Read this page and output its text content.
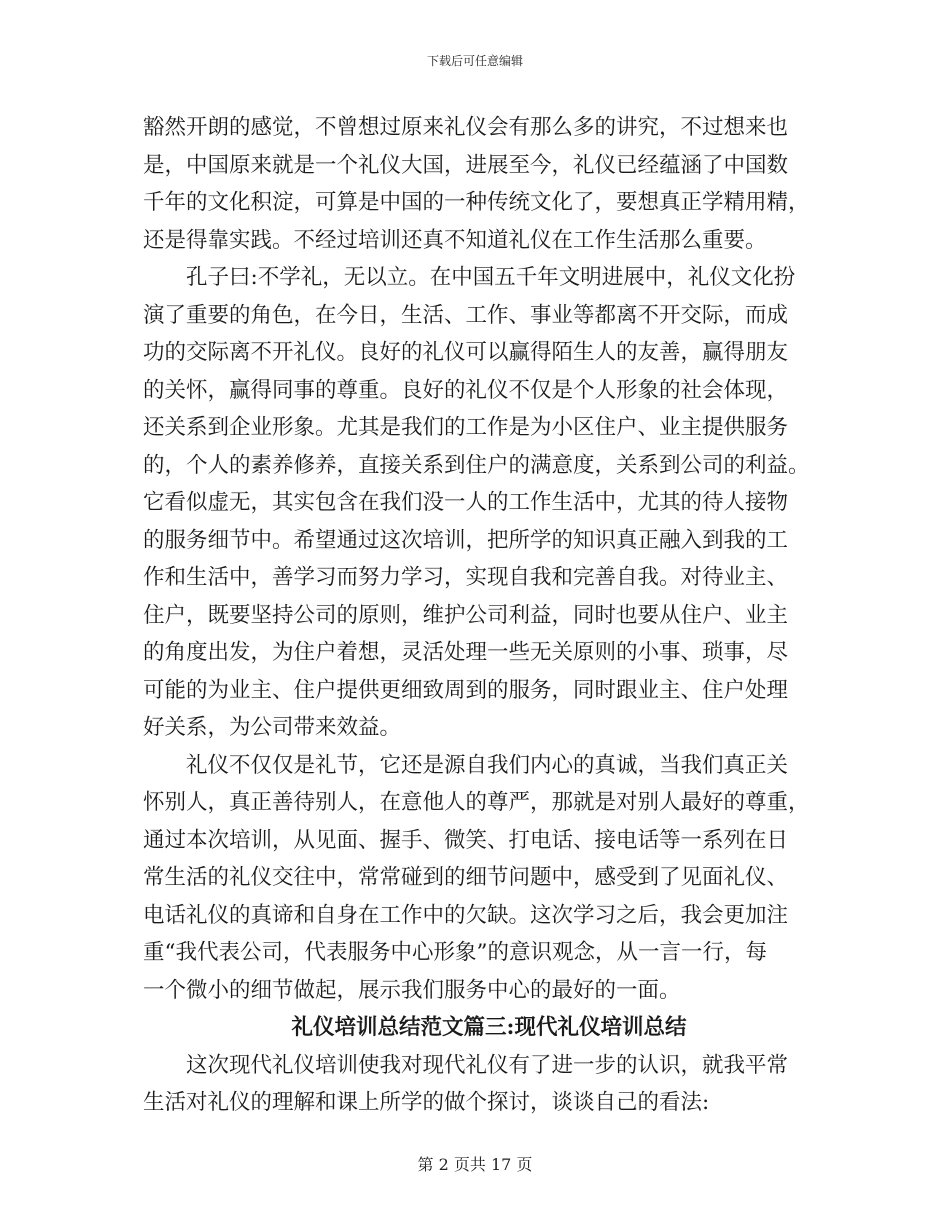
下载后可任意编辑
豁然开朗的感觉，不曾想过原来礼仪会有那么多的讲究，不过想来也
是，中国原来就是一个礼仪大国，进展至今，礼仪已经蕴涵了中国数
千年的文化积淀，可算是中国的一种传统文化了，要想真正学精用精，
还是得靠实践。不经过培训还真不知道礼仪在工作生活那么重要。
孔子曰:不学礼，无以立。在中国五千年文明进展中，礼仪文化扮
演了重要的角色，在今日，生活、工作、事业等都离不开交际，而成
功的交际离不开礼仪。良好的礼仪可以赢得陌生人的友善，赢得朋友
的关怀，赢得同事的尊重。良好的礼仪不仅是个人形象的社会体现，
还关系到企业形象。尤其是我们的工作是为小区住户、业主提供服务
的，个人的素养修养，直接关系到住户的满意度，关系到公司的利益。
它看似虚无，其实包含在我们没一人的工作生活中，尤其的待人接物
的服务细节中。希望通过这次培训，把所学的知识真正融入到我的工
作和生活中，善学习而努力学习，实现自我和完善自我。对待业主、
住户，既要坚持公司的原则，维护公司利益，同时也要从住户、业主
的角度出发，为住户着想，灵活处理一些无关原则的小事、琐事，尽
可能的为业主、住户提供更细致周到的服务，同时跟业主、住户处理
好关系，为公司带来效益。
礼仪不仅仅是礼节，它还是源自我们内心的真诚，当我们真正关
怀别人，真正善待别人，在意他人的尊严，那就是对别人最好的尊重，
通过本次培训，从见面、握手、微笑、打电话、接电话等一系列在日
常生活的礼仪交往中，常常碰到的细节问题中，感受到了见面礼仪、
电话礼仪的真谛和自身在工作中的欠缺。这次学习之后，我会更加注
重“我代表公司，代表服务中心形象”的意识观念，从一言一行，每
一个微小的细节做起，展示我们服务中心的最好的一面。
礼仪培训总结范文篇三:现代礼仪培训总结
这次现代礼仪培训使我对现代礼仪有了进一步的认识，就我平常
生活对礼仪的理解和课上所学的做个探讨，谈谈自己的看法:
第 2 页共 17 页
